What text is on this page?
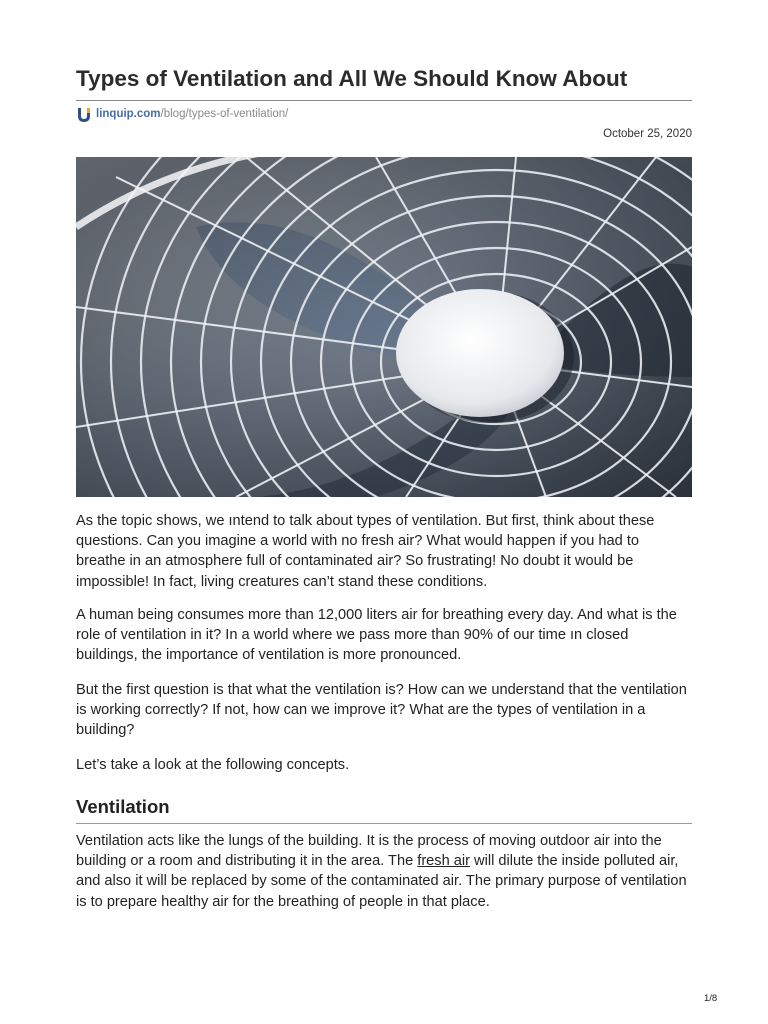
Types of Ventilation and All We Should Know About
linquip.com /blog/types-of-ventilation/
October 25, 2020

As the topic shows, we ıntend to talk about types of ventilation. But first, think about these questions. Can you imagine a world with no fresh air? What would happen if you had to breathe in an atmosphere full of contaminated air? So frustrating! No doubt it would be impossible! In fact, living creatures can’t stand these conditions.

A human being consumes more than 12,000 liters air for breathing every day. And what is the role of ventilation in it? In a world where we pass more than 90% of our time ın closed buildings, the importance of ventilation is more pronounced.

But the first question is that what the ventilation is? How can we understand that the ventilation is working correctly? If not, how can we improve it? What are the types of ventilation in a building?

Let’s take a look at the following concepts.

Ventilation

Ventilation acts like the lungs of the building. It is the process of moving outdoor air into the building or a room and distributing it in the area. The fresh air will dilute the inside polluted air, and also it will be replaced by some of the contaminated air. The primary purpose of ventilation is to prepare healthy air for the breathing of people in that place.

1/8
